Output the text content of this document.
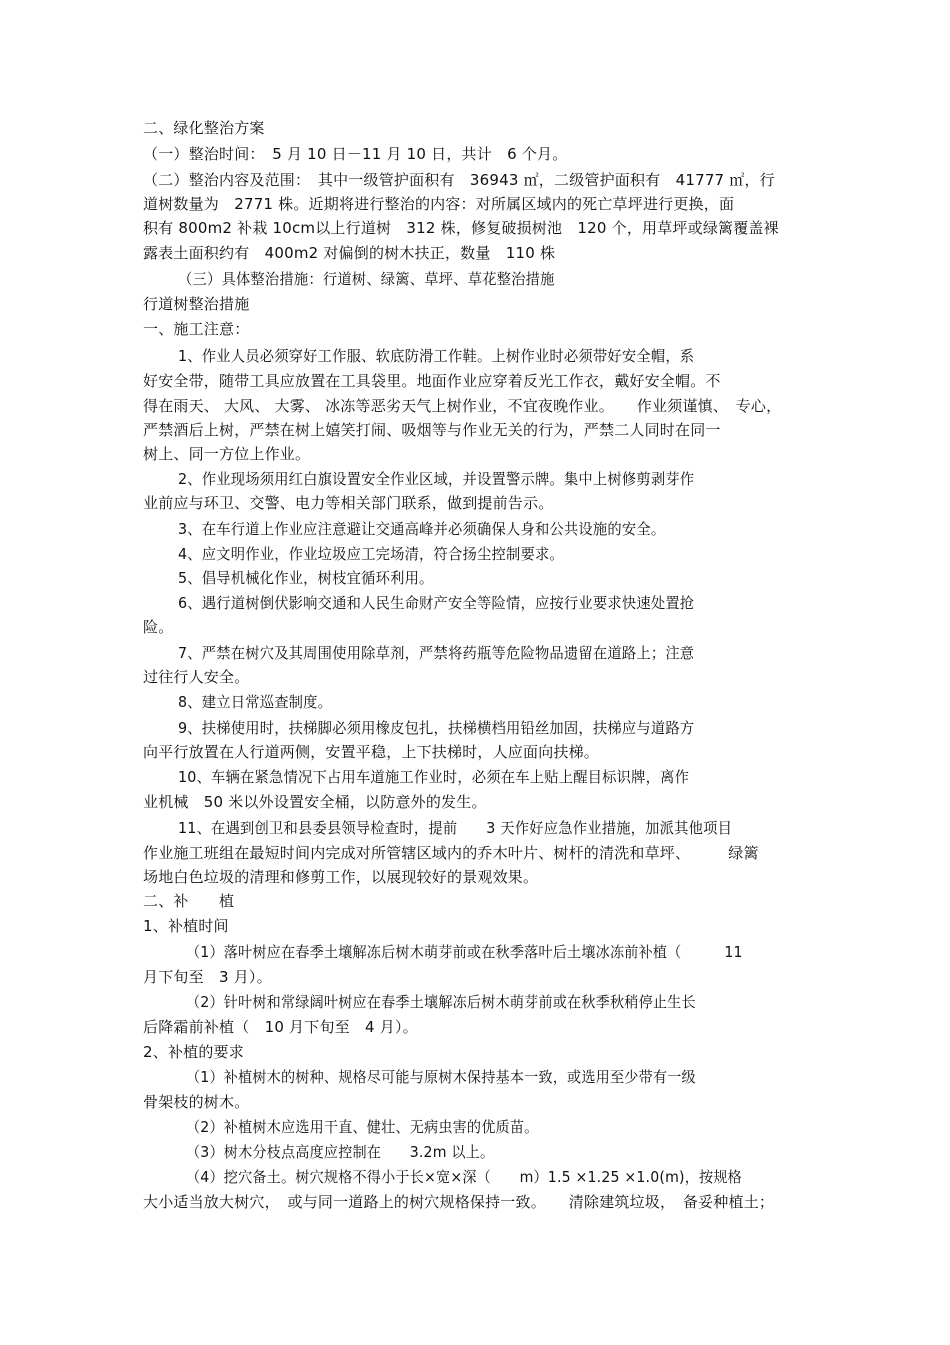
二、绿化整治方案
（一）整治时间：　5 月 10 日－11 月 10 日，共计　6 个月。
（二）整治内容及范围：　其中一级管护面积有　36943 ㎡，二级管护面积有　41777 ㎡，行
道树数量为　2771 株。近期将进行整治的内容：对所属区域内的死亡草坪进行更换，面
积有 800m2 补栽 10cm以上行道树　312 株，修复破损树池　120 个，用草坪或绿篱覆盖裸
露表土面积约有　400m2 对偏倒的树木扶正，数量　110 株
（三）具体整治措施：行道树、绿篱、草坪、草花整治措施
行道树整治措施
一、施工注意：
1、作业人员必须穿好工作服、软底防滑工作鞋。上树作业时必须带好安全帽，系
好安全带，随带工具应放置在工具袋里。地面作业应穿着反光工作衣，戴好安全帽。不
得在雨天、 大风、 大雾、 冰冻等恶劣天气上树作业，不宜夜晚作业。　　作业须谨慎、　专心，
严禁酒后上树，严禁在树上嬉笑打闹、吸烟等与作业无关的行为，严禁二人同时在同一
树上、同一方位上作业。
2、作业现场须用红白旗设置安全作业区域，并设置警示牌。集中上树修剪剥芽作
业前应与环卫、交警、电力等相关部门联系，做到提前告示。
3、在车行道上作业应注意避让交通高峰并必须确保人身和公共设施的安全。
4、应文明作业，作业垃圾应工完场清，符合扬尘控制要求。
5、倡导机械化作业，树枝宜循环利用。
6、遇行道树倒伏影响交通和人民生命财产安全等险情，应按行业要求快速处置抢
险。
7、严禁在树穴及其周围使用除草剂，严禁将药瓶等危险物品遗留在道路上；注意
过往行人安全。
8、建立日常巡查制度。
9、扶梯使用时，扶梯脚必须用橡皮包扎，扶梯横档用铅丝加固，扶梯应与道路方
向平行放置在人行道两侧，安置平稳，上下扶梯时，人应面向扶梯。
10、车辆在紧急情况下占用车道施工作业时，必须在车上贴上醒目标识牌，离作
业机械　50 米以外设置安全桶，以防意外的发生。
11、在遇到创卫和县委县领导检查时，提前　　3 天作好应急作业措施，加派其他项目
作业施工班组在最短时间内完成对所管辖区域内的乔木叶片、树杆的清洗和草坪、　　　绿篱
场地白色垃圾的清理和修剪工作，以展现较好的景观效果。
二、补　　植
1、补植时间
（1）落叶树应在春季土壤解冻后树木萌芽前或在秋季落叶后土壤冰冻前补植（　　　11
月下旬至　3 月）。
（2）针叶树和常绿阔叶树应在春季土壤解冻后树木萌芽前或在秋季秋稍停止生长
后降霜前补植（　10 月下旬至　4 月）。
2、补植的要求
（1）补植树木的树种、规格尽可能与原树木保持基本一致，或选用至少带有一级
骨架枝的树木。
（2）补植树木应选用干直、健壮、无病虫害的优质苗。
（3）树木分枝点高度应控制在　　3.2m 以上。
（4）挖穴备土。树穴规格不得小于长×宽×深（　　m）1.5 ×1.25 ×1.0(m)，按规格
大小适当放大树穴，　或与同一道路上的树穴规格保持一致。　　清除建筑垃圾，　备妥种植土；
